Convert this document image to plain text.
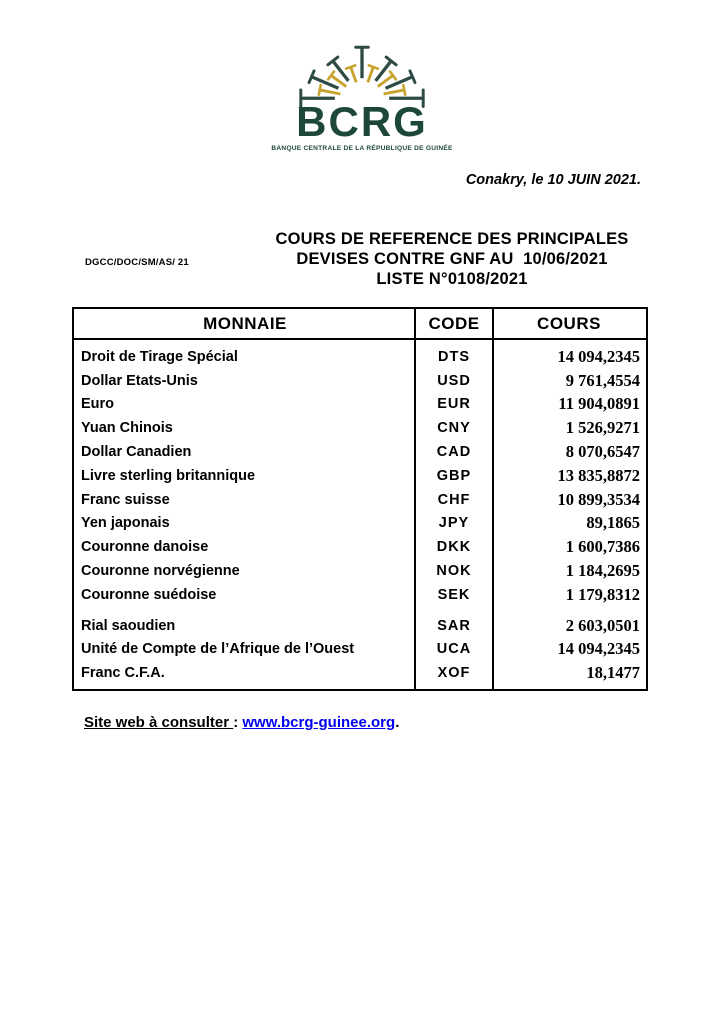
BCRG
BANQUE CENTRALE DE LA RÉPUBLIQUE DE GUINÉE
Conakry, le 10 JUIN 2021.
DGCC/DOC/SM/AS/ 21
COURS DE REFERENCE DES PRINCIPALES
DEVISES CONTRE GNF AU  10/06/2021
LISTE N°0108/2021
MONNAIE	CODE	COURS
Droit de Tirage Spécial	DTS	14 094,2345
Dollar Etats-Unis	USD	9 761,4554
Euro	EUR	11 904,0891
Yuan Chinois	CNY	1 526,9271
Dollar Canadien	CAD	8 070,6547
Livre sterling britannique	GBP	13 835,8872
Franc suisse	CHF	10 899,3534
Yen japonais	JPY	89,1865
Couronne danoise	DKK	1 600,7386
Couronne norvégienne	NOK	1 184,2695
Couronne suédoise	SEK	1 179,8312
Rial saoudien	SAR	2 603,0501
Unité de Compte de l’Afrique de l’Ouest	UCA	14 094,2345
Franc C.F.A.	XOF	18,1477
Site web à consulter : www.bcrg-guinee.org.
